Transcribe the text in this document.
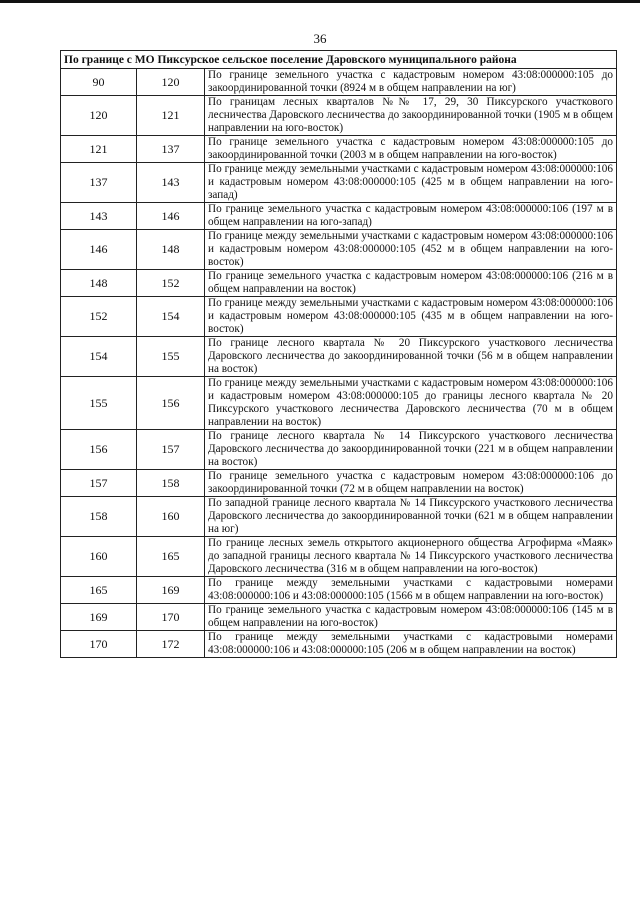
36
По границе с МО Пикcурское сельское поселение Даровского муниципального района		
90	120	По границе земельного участка с кадастровым номером 43:08:000000:105 до закоординированной точки (8924 м в общем направлении на юг)
120	121	По границам лесных кварталов №№ 17, 29, 30 Пикcурского участкового лесничества Даровского лесничества до закоординированной точки (1905 м в общем направлении на юго-восток)
121	137	По границе земельного участка с кадастровым номером 43:08:000000:105 до закоординированной точки (2003 м в общем направлении на юго-восток)
137	143	По границе между земельными участками с кадастровым номером 43:08:000000:106 и кадастровым номером 43:08:000000:105 (425 м в общем направлении на юго-запад)
143	146	По границе земельного участка с кадастровым номером 43:08:000000:106 (197 м в общем направлении на юго-запад)
146	148	По границе между земельными участками с кадастровым номером 43:08:000000:106 и кадастровым номером 43:08:000000:105 (452 м в общем направлении на юго-восток)
148	152	По границе земельного участка с кадастровым номером 43:08:000000:106 (216 м в общем направлении на восток)
152	154	По границе между земельными участками с кадастровым номером 43:08:000000:106 и кадастровым номером 43:08:000000:105 (435 м в общем направлении на юго-восток)
154	155	По границе лесного квартала № 20 Пикcурского участкового лесничества Даровского лесничества до закоординированной точки (56 м в общем направлении на восток)
155	156	По границе между земельными участками с кадастровым номером 43:08:000000:106 и кадастровым номером 43:08:000000:105 до границы лесного квартала № 20 Пикcурского участкового лесничества Даровского лесничества (70 м в общем направлении на восток)
156	157	По границе лесного квартала № 14 Пикcурского участкового лесничества Даровского лесничества до закоординированной точки (221 м в общем направлении на восток)
157	158	По границе земельного участка с кадастровым номером 43:08:000000:106 до закоординированной точки (72 м в общем направлении на восток)
158	160	По западной границе лесного квартала № 14 Пикcурского участкового лесничества Даровского лесничества до закоординированной точки (621 м в общем направлении на юг)
160	165	По границе лесных земель открытого акционерного общества Агрофирма «Маяк» до западной границы лесного квартала № 14 Пикcурского участкового лесничества Даровского лесничества (316 м в общем направлении на юго-восток)
165	169	По границе между земельными участками с кадастровыми номерами 43:08:000000:106 и 43:08:000000:105 (1566 м в общем направлении на юго-восток)
169	170	По границе земельного участка с кадастровым номером 43:08:000000:106 (145 м в общем направлении на юго-восток)
170	172	По границе между земельными участками с кадастровыми номерами 43:08:000000:106 и 43:08:000000:105 (206 м в общем направлении на восток)
